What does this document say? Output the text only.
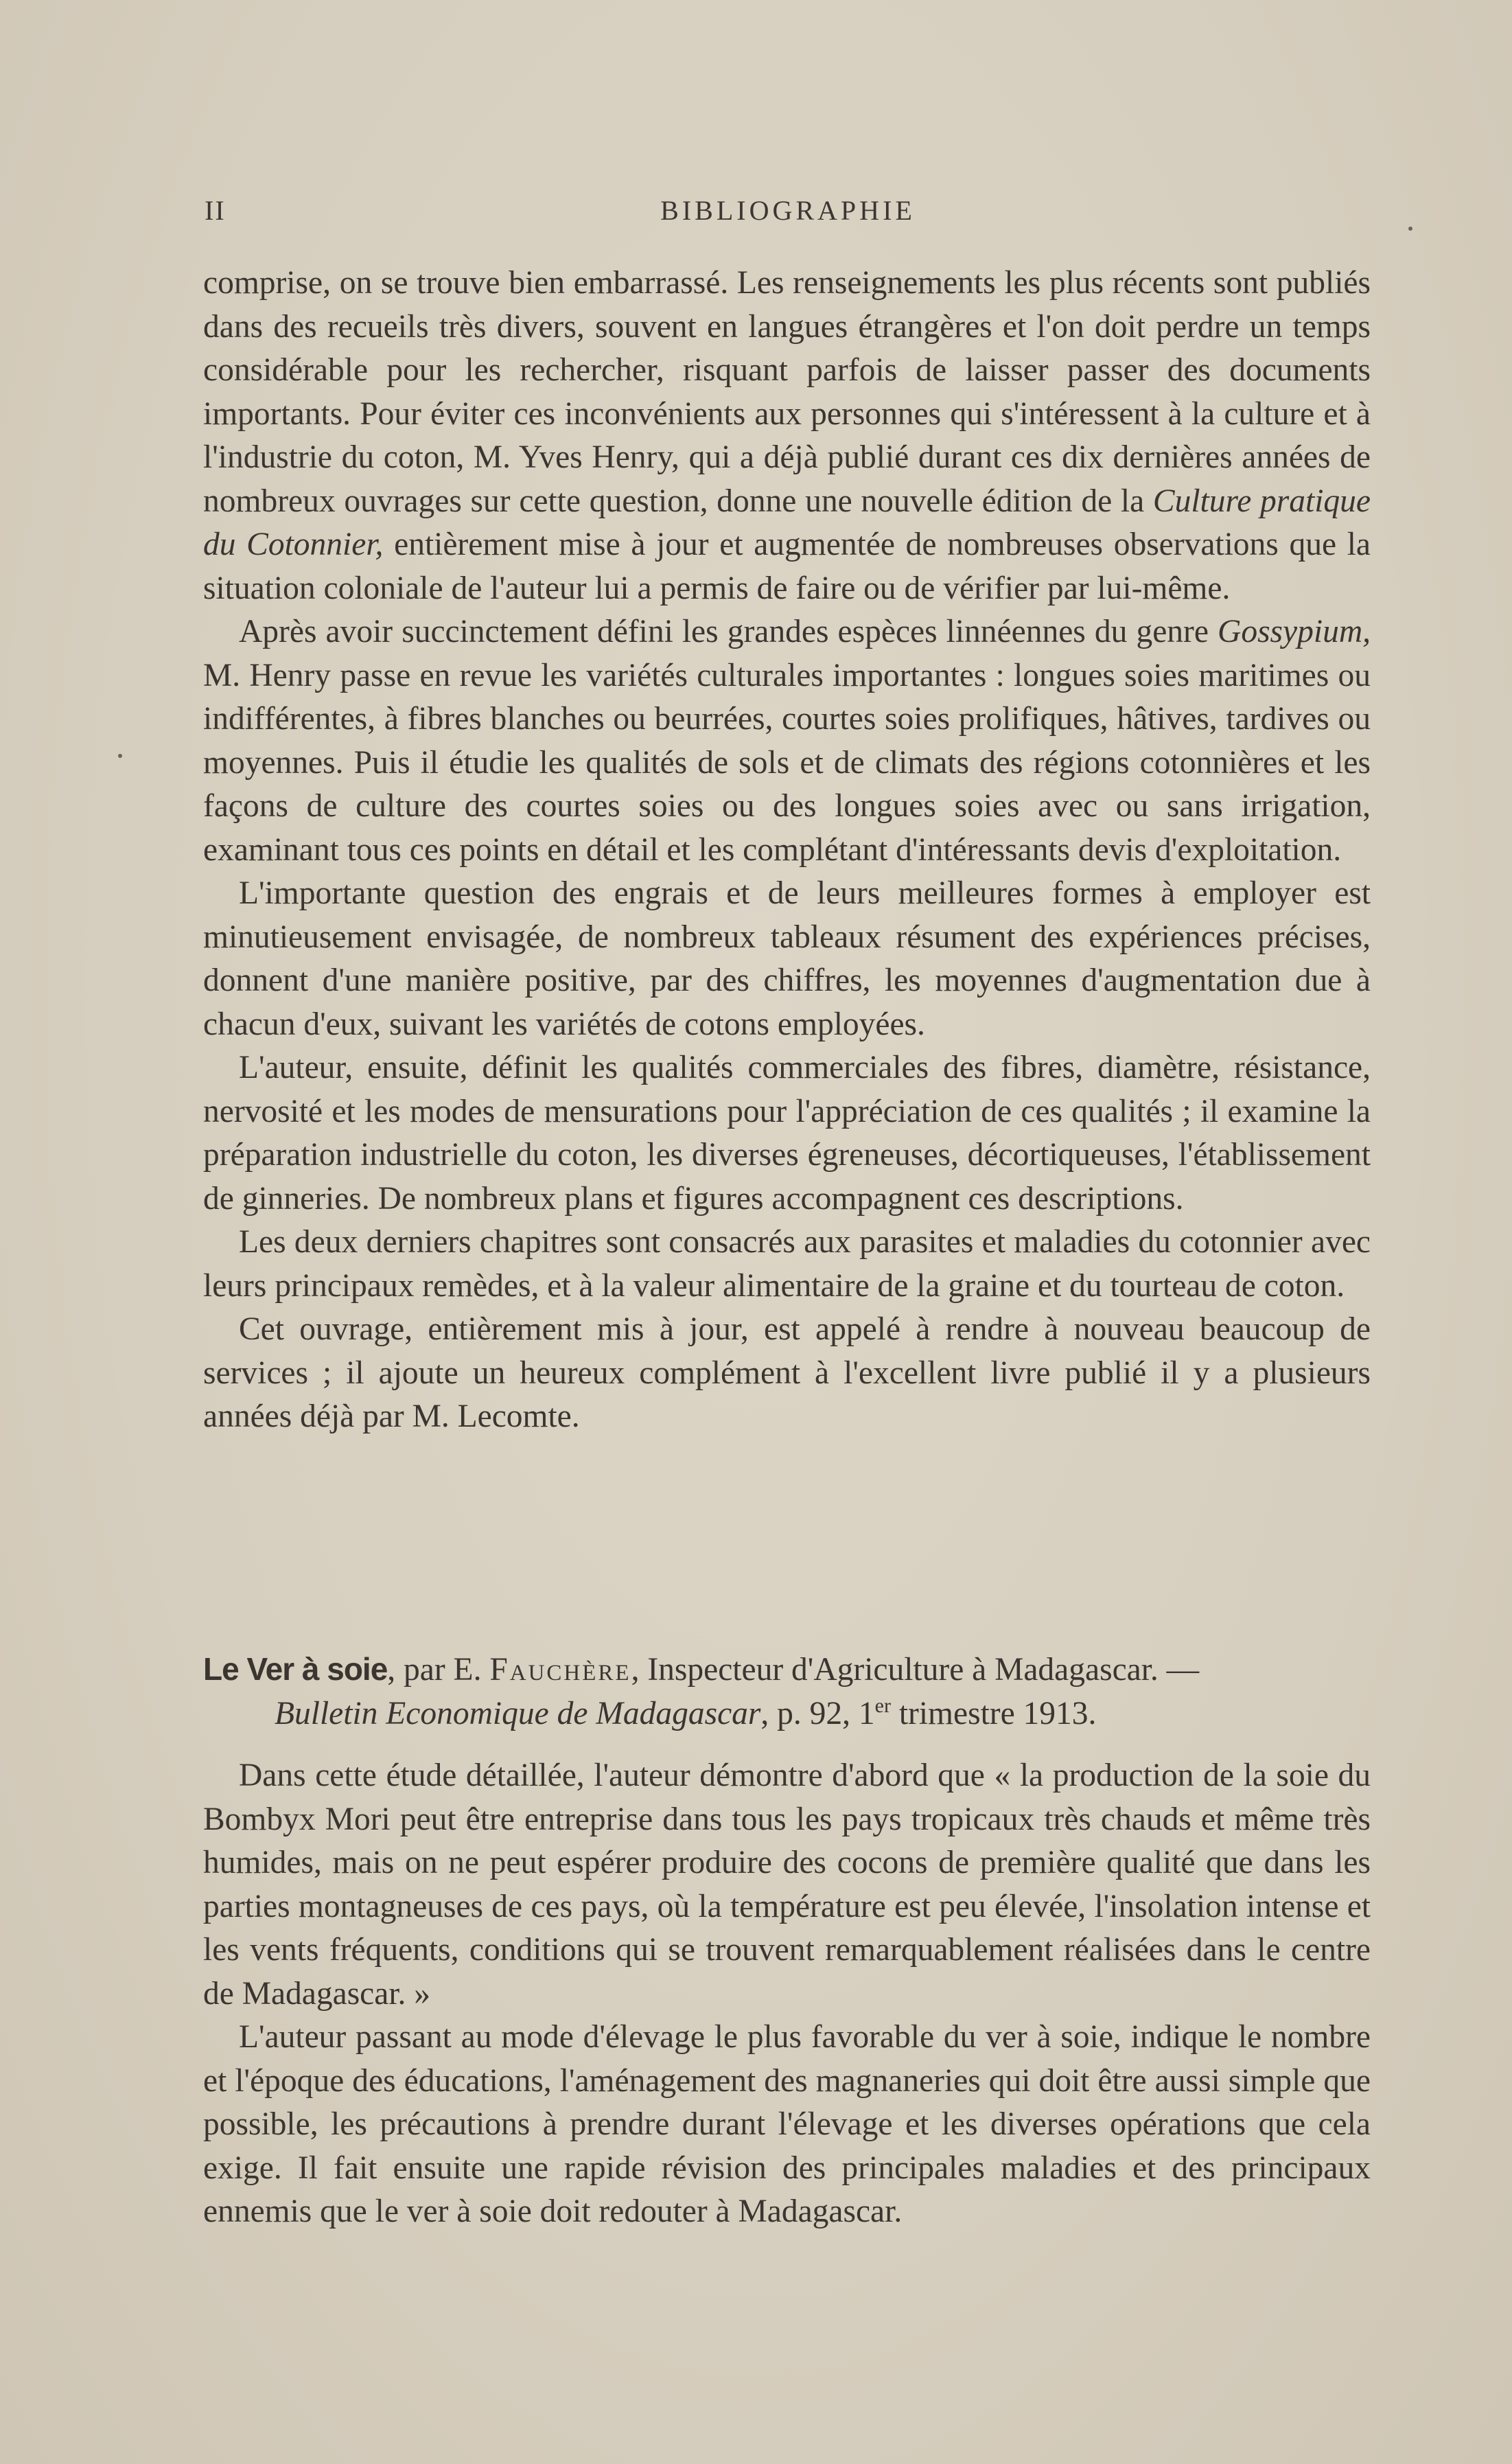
II	BIBLIOGRAPHIE

comprise, on se trouve bien embarrassé. Les renseignements les plus récents sont publiés dans des recueils très divers, souvent en langues étrangères et l'on doit perdre un temps considérable pour les rechercher, risquant parfois de laisser passer des documents importants. Pour éviter ces inconvénients aux personnes qui s'intéressent à la culture et à l'industrie du coton, M. Yves Henry, qui a déjà publié durant ces dix dernières années de nombreux ouvrages sur cette question, donne une nouvelle édition de la Culture pratique du Cotonnier, entièrement mise à jour et augmentée de nombreuses observations que la situation coloniale de l'auteur lui a permis de faire ou de vérifier par lui-même.

Après avoir succinctement défini les grandes espèces linnéennes du genre Gossypium, M. Henry passe en revue les variétés culturales importantes : longues soies maritimes ou indifférentes, à fibres blanches ou beurrées, courtes soies prolifiques, hâtives, tardives ou moyennes. Puis il étudie les qualités de sols et de climats des régions cotonnières et les façons de culture des courtes soies ou des longues soies avec ou sans irrigation, examinant tous ces points en détail et les complétant d'intéressants devis d'exploitation.

L'importante question des engrais et de leurs meilleures formes à employer est minutieusement envisagée, de nombreux tableaux résument des expériences précises, donnent d'une manière positive, par des chiffres, les moyennes d'augmentation due à chacun d'eux, suivant les variétés de cotons employées.

L'auteur, ensuite, définit les qualités commerciales des fibres, diamètre, résistance, nervosité et les modes de mensurations pour l'appréciation de ces qualités ; il examine la préparation industrielle du coton, les diverses égreneuses, décortiqueuses, l'établissement de ginneries. De nombreux plans et figures accompagnent ces descriptions.

Les deux derniers chapitres sont consacrés aux parasites et maladies du cotonnier avec leurs principaux remèdes, et à la valeur alimentaire de la graine et du tourteau de coton.

Cet ouvrage, entièrement mis à jour, est appelé à rendre à nouveau beaucoup de services ; il ajoute un heureux complément à l'excellent livre publié il y a plusieurs années déjà par M. Lecomte.

Le Ver à soie, par E. Fauchère, Inspecteur d'Agriculture à Madagascar. —

Bulletin Economique de Madagascar, p. 92, 1er trimestre 1913.

Dans cette étude détaillée, l'auteur démontre d'abord que « la production de la soie du Bombyx Mori peut être entreprise dans tous les pays tropicaux très chauds et même très humides, mais on ne peut espérer produire des cocons de première qualité que dans les parties montagneuses de ces pays, où la température est peu élevée, l'insolation intense et les vents fréquents, conditions qui se trouvent remarquablement réalisées dans le centre de Madagascar. »

L'auteur passant au mode d'élevage le plus favorable du ver à soie, indique le nombre et l'époque des éducations, l'aménagement des magnaneries qui doit être aussi simple que possible, les précautions à prendre durant l'élevage et les diverses opérations que cela exige. Il fait ensuite une rapide révision des principales maladies et des principaux ennemis que le ver à soie doit redouter à Madagascar.
